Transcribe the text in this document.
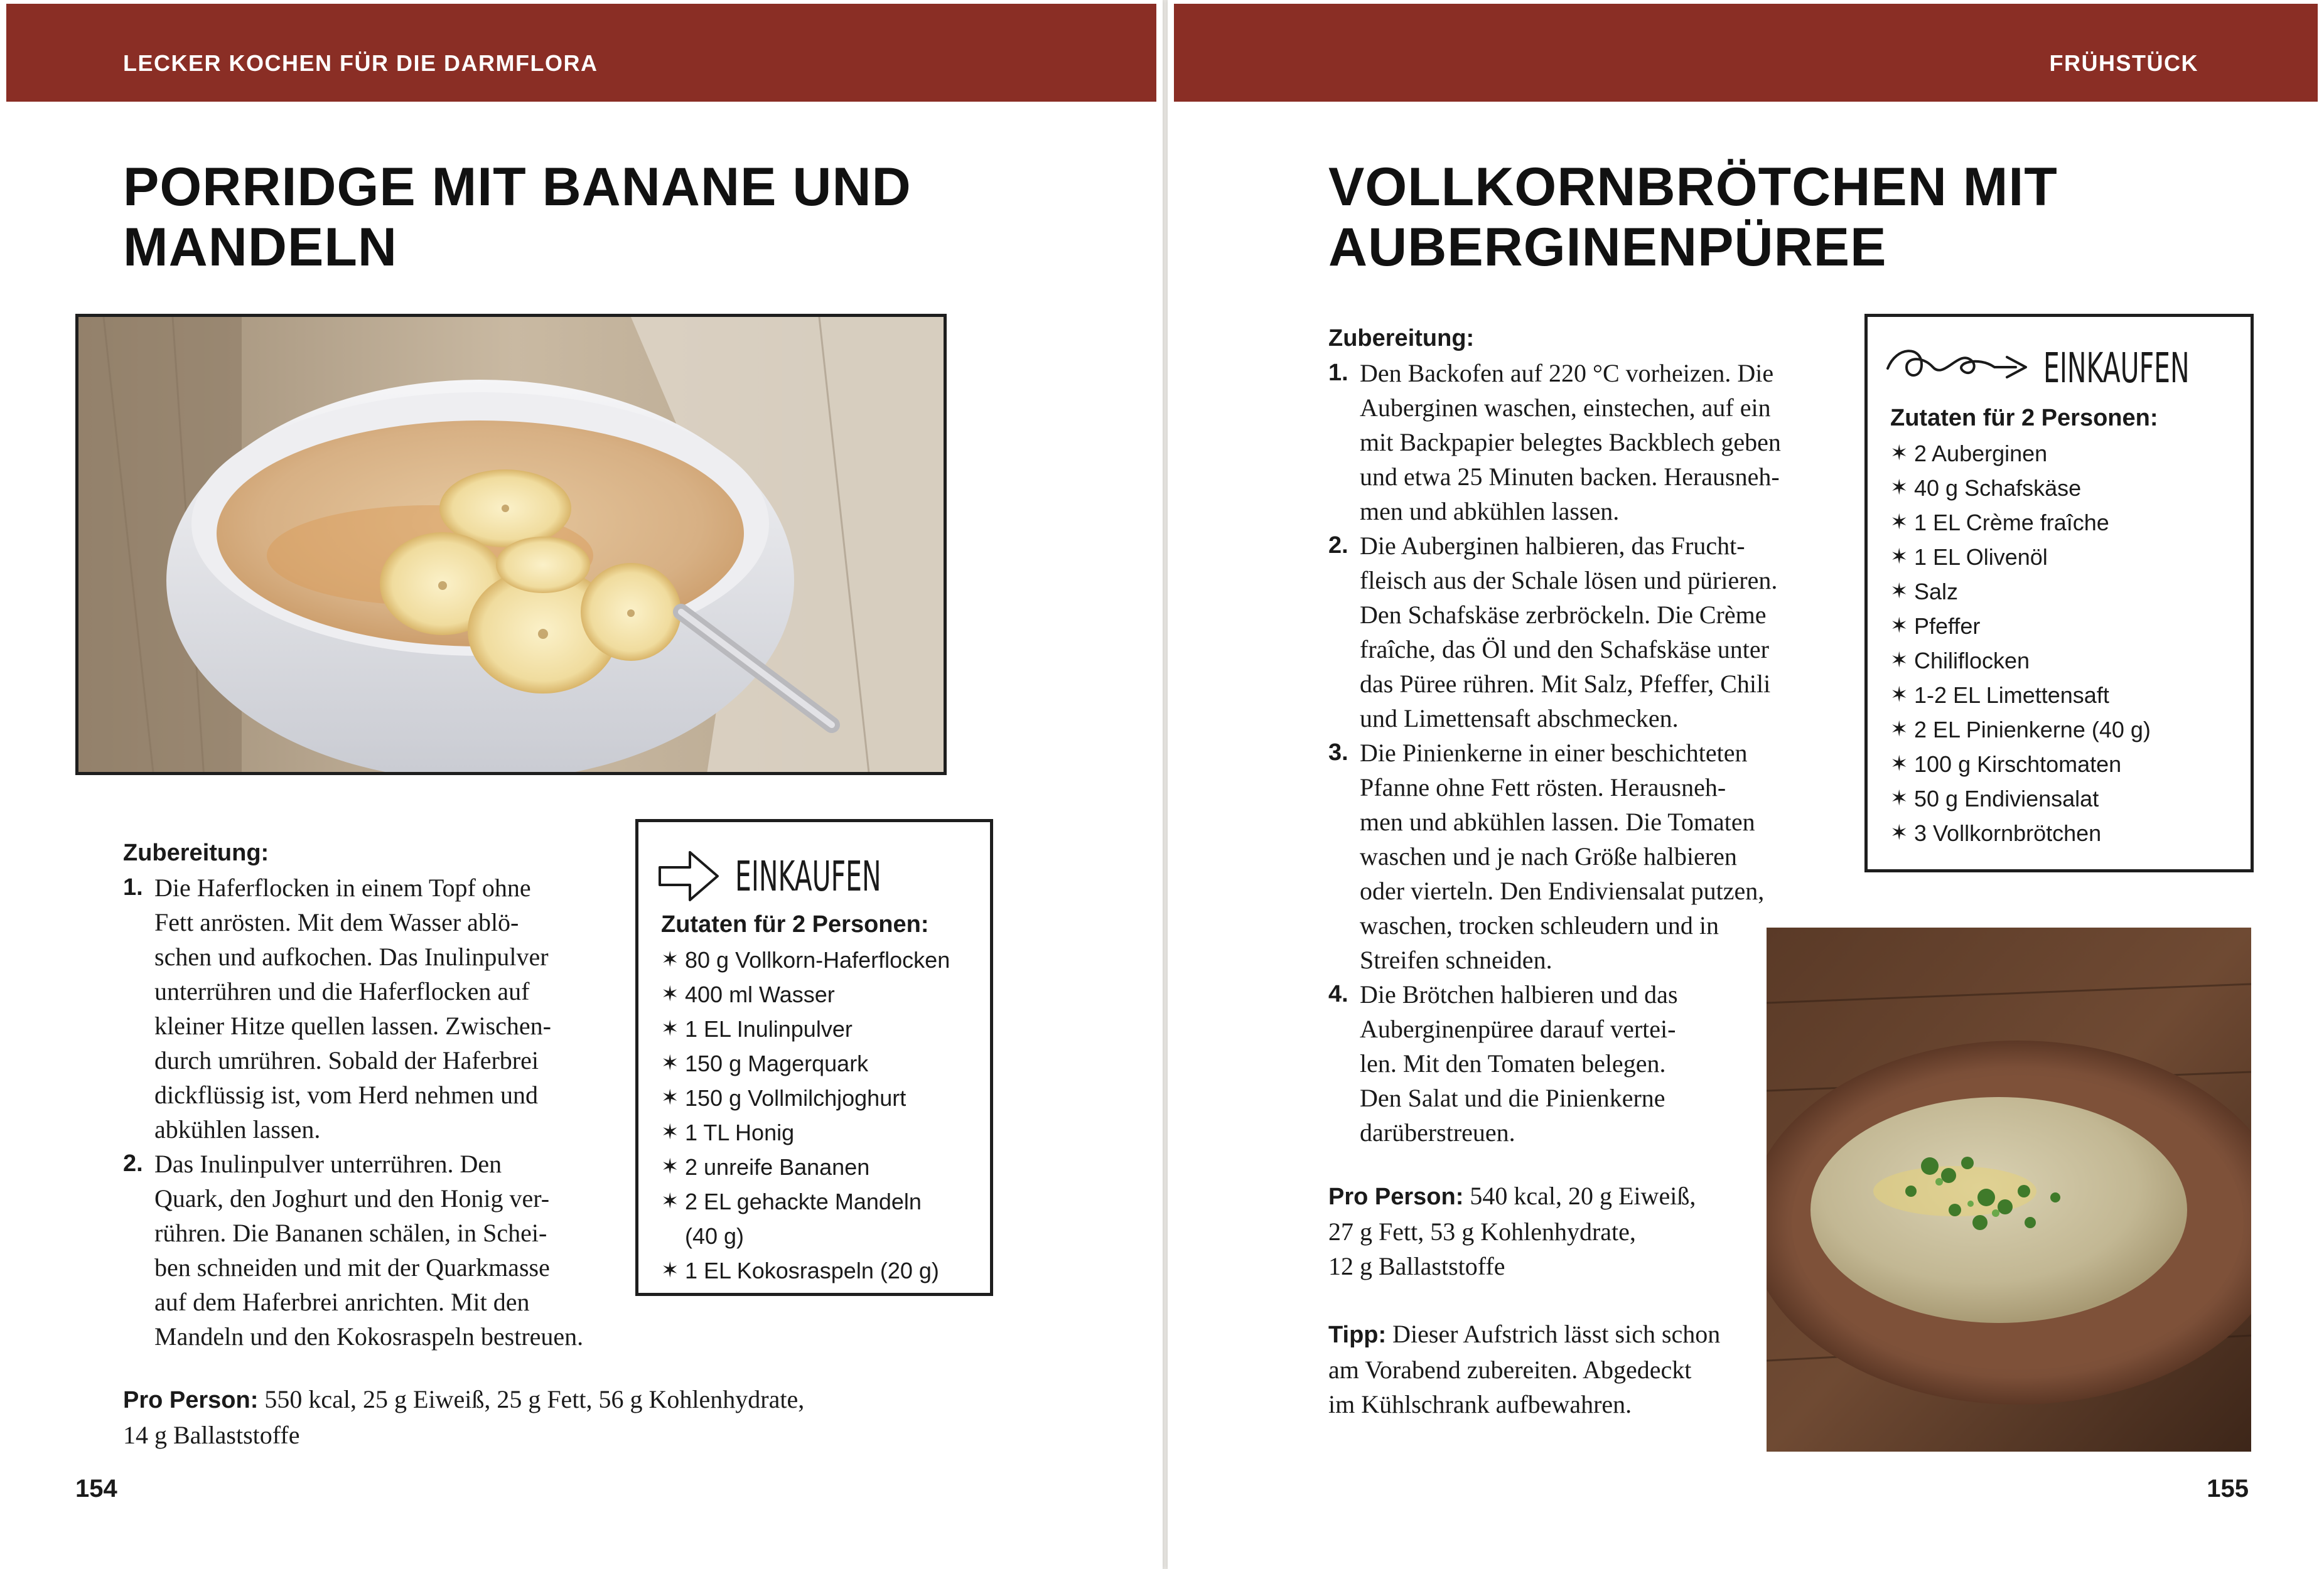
LECKER KOCHEN FÜR DIE DARMFLORA
PORRIDGE MIT BANANE UND
MANDELN
Zubereitung:
1. Die Haferflocken in einem Topf ohne
Fett anrösten. Mit dem Wasser ablö-
schen und aufkochen. Das Inulinpulver
unterrühren und die Haferflocken auf
kleiner Hitze quellen lassen. Zwischen-
durch umrühren. Sobald der Haferbrei
dickflüssig ist, vom Herd nehmen und
abkühlen lassen.
2. Das Inulinpulver unterrühren. Den
Quark, den Joghurt und den Honig ver-
rühren. Die Bananen schälen, in Schei-
ben schneiden und mit der Quarkmasse
auf dem Haferbrei anrichten. Mit den
Mandeln und den Kokosraspeln bestreuen.
EINKAUFEN
Zutaten für 2 Personen:
✶ 80 g Vollkorn-Haferflocken
✶ 400 ml Wasser
✶ 1 EL Inulinpulver
✶ 150 g Magerquark
✶ 150 g Vollmilchjoghurt
✶ 1 TL Honig
✶ 2 unreife Bananen
✶ 2 EL gehackte Mandeln
(40 g)
✶ 1 EL Kokosraspeln (20 g)
Pro Person: 550 kcal, 25 g Eiweiß, 25 g Fett, 56 g Kohlenhydrate,
14 g Ballaststoffe
154
FRÜHSTÜCK
VOLLKORNBRÖTCHEN MIT
AUBERGINENPÜREE
Zubereitung:
1. Den Backofen auf 220 °C vorheizen. Die
Auberginen waschen, einstechen, auf ein
mit Backpapier belegtes Backblech geben
und etwa 25 Minuten backen. Herausneh-
men und abkühlen lassen.
2. Die Auberginen halbieren, das Frucht-
fleisch aus der Schale lösen und pürieren.
Den Schafskäse zerbröckeln. Die Crème
fraîche, das Öl und den Schafskäse unter
das Püree rühren. Mit Salz, Pfeffer, Chili
und Limettensaft abschmecken.
3. Die Pinienkerne in einer beschichteten
Pfanne ohne Fett rösten. Herausneh-
men und abkühlen lassen. Die Tomaten
waschen und je nach Größe halbieren
oder vierteln. Den Endiviensalat putzen,
waschen, trocken schleudern und in
Streifen schneiden.
4. Die Brötchen halbieren und das
Auberginenpüree darauf vertei-
len. Mit den Tomaten belegen.
Den Salat und die Pinienkerne
darüberstreuen.
EINKAUFEN
Zutaten für 2 Personen:
✶ 2 Auberginen
✶ 40 g Schafskäse
✶ 1 EL Crème fraîche
✶ 1 EL Olivenöl
✶ Salz
✶ Pfeffer
✶ Chiliflocken
✶ 1-2 EL Limettensaft
✶ 2 EL Pinienkerne (40 g)
✶ 100 g Kirschtomaten
✶ 50 g Endiviensalat
✶ 3 Vollkornbrötchen
Pro Person: 540 kcal, 20 g Eiweiß,
27 g Fett, 53 g Kohlenhydrate,
12 g Ballaststoffe
Tipp: Dieser Aufstrich lässt sich schon
am Vorabend zubereiten. Abgedeckt
im Kühlschrank aufbewahren.
155
